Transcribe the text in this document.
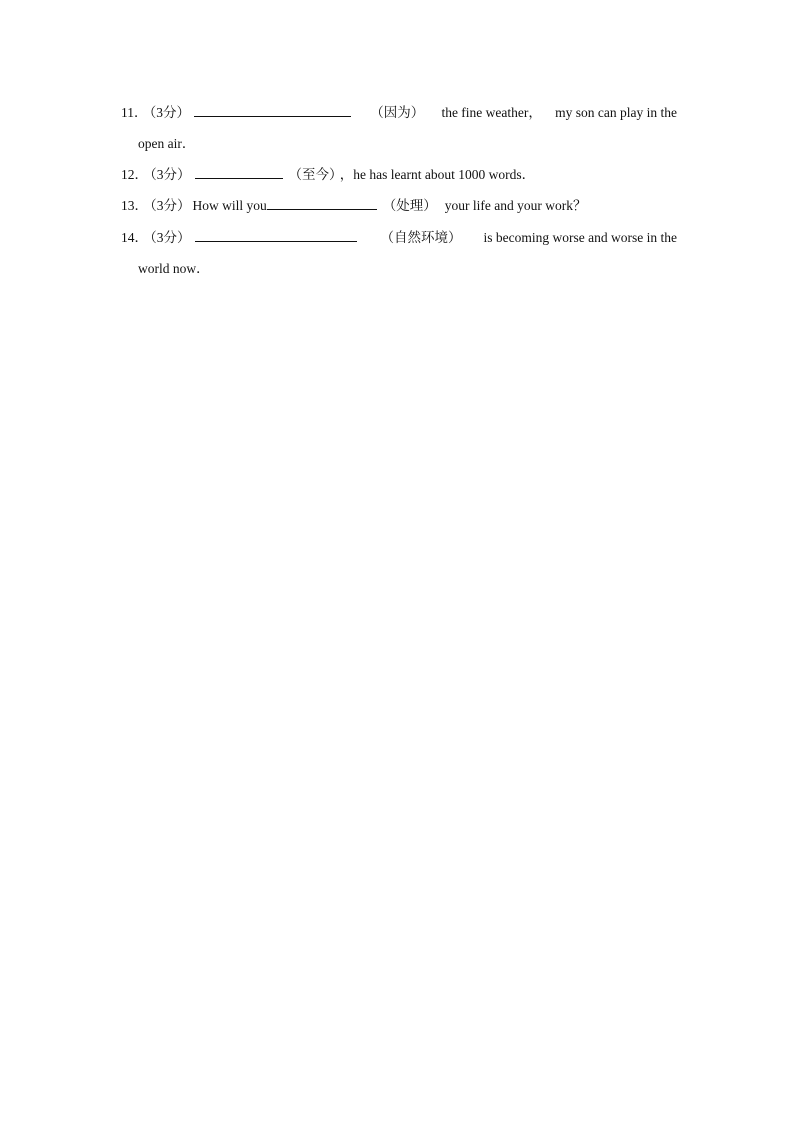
11． （3分）	（因为） the fine weather， my son can play in the
open air．
12． （3分）	（至今） ，he has learnt about 1000 words．
13． （3分） How will you	（处理） your life and your work？
14． （3分）	（自然环境） is becoming worse and worse in the
world now．
